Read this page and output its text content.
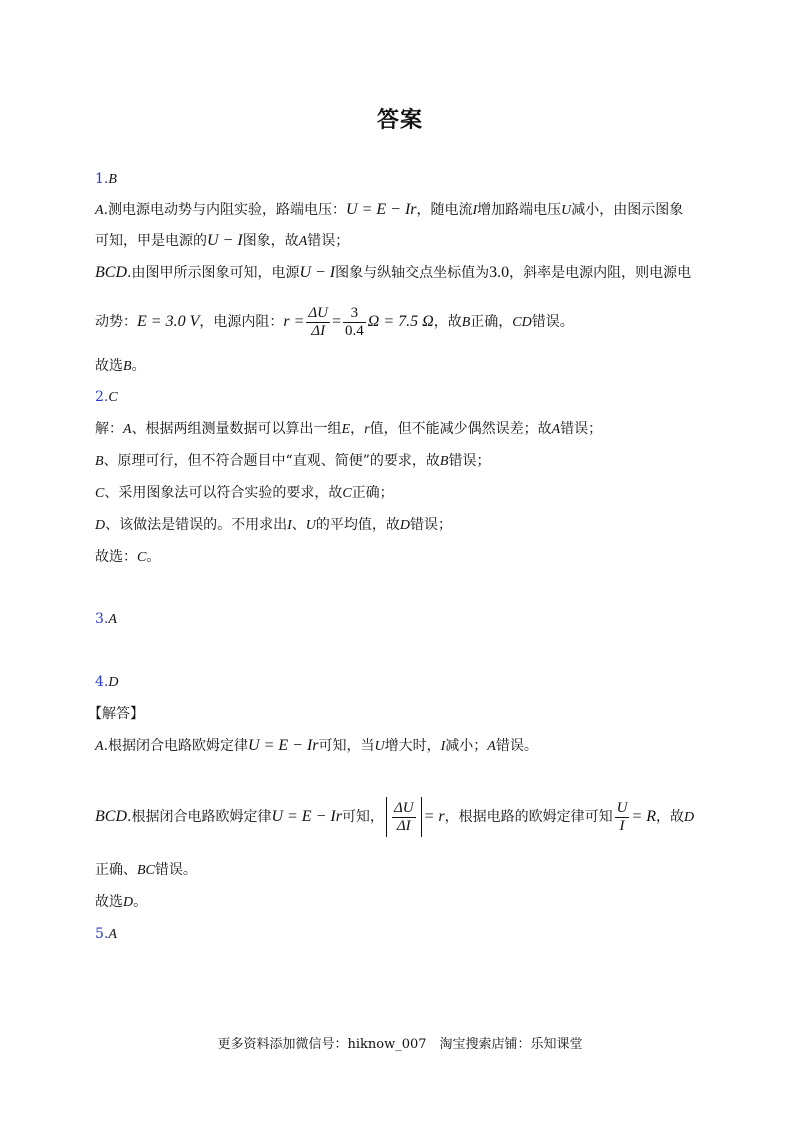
答案
1.B
A.测电源电动势与内阻实验，路端电压：U = E − Ir，随电流I增加路端电压U减小，由图示图象
可知，甲是电源的U − I图象，故A错误；
BCD.由图甲所示图象可知，电源U − I图象与纵轴交点坐标值为3.0，斜率是电源内阻，则电源电
动势：E = 3.0 V，电源内阻：$r = \frac{\Delta U}{\Delta I} = \frac{3}{0.4}$ Ω = 7.5 Ω，故B正确，CD错误。
故选B。
2.C
解：A、根据两组测量数据可以算出一组E，r值，但不能减少偶然误差；故A错误；
B、原理可行，但不符合题目中“直观、简便”的要求，故B错误；
C、采用图象法可以符合实验的要求，故C正确；
D、该做法是错误的。不用求出I、U的平均值，故D错误；
故选：C。
3.A
4.D
【解答】
A.根据闭合电路欧姆定律U = E − Ir可知，当U增大时，I减小；A错误。
BCD.根据闭合电路欧姆定律U = E − Ir可知， $\frac{\Delta U}{\Delta I} = r$，根据电路的欧姆定律可知 $\frac{U}{I} = R$，故D
正确、BC错误。
故选D。
5.A
更多资料添加微信号：hiknow_007　淘宝搜索店铺：乐知课堂
